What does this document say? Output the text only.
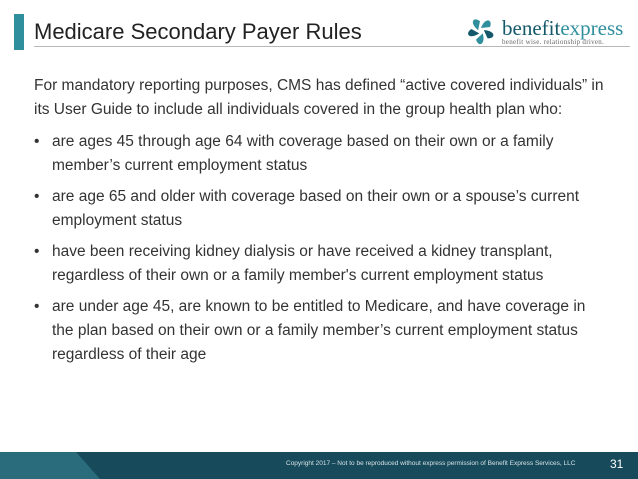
Medicare Secondary Payer Rules	benefitexpress
benefit wise. relationship driven.

For mandatory reporting purposes, CMS has defined “active covered individuals” in its User Guide to include all individuals covered in the group health plan who:

• are ages 45 through age 64 with coverage based on their own or a family member’s current employment status
• are age 65 and older with coverage based on their own or a spouse’s current employment status
• have been receiving kidney dialysis or have received a kidney transplant, regardless of their own or a family member's current employment status
• are under age 45, are known to be entitled to Medicare, and have coverage in the plan based on their own or a family member’s current employment status regardless of their age
Copyright 2017 – Not to be reproduced without express permission of Benefit Express Services, LLC	31
